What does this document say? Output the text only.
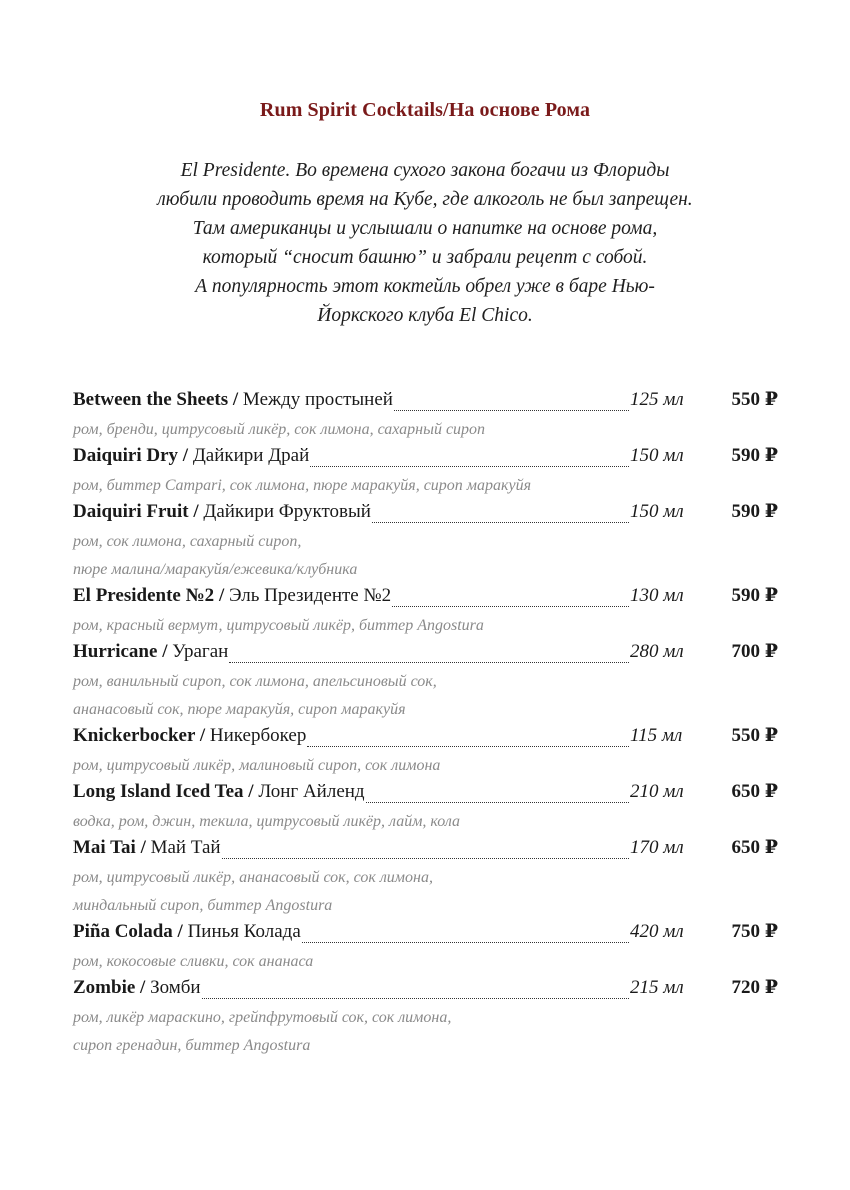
Rum Spirit Cocktails/На основе Рома
El Presidente. Во времена сухого закона богачи из Флориды
любили проводить время на Кубе, где алкоголь не был запрещен.
Там американцы и услышали о напитке на основе рома,
который “сносит башню” и забрали рецепт с собой.
А популярность этот коктейль обрел уже в баре Нью-
Йоркского клуба El Chico.
Between the Sheets / Между простыней	125 мл	550 ₽
ром, бренди, цитрусовый ликёр, сок лимона, сахарный сироп
Daiquiri Dry / Дайкири Драй	150 мл	590 ₽
ром, биттер Campari, сок лимона, пюре маракуйя, сироп маракуйя
Daiquiri Fruit / Дайкири Фруктовый	150 мл	590 ₽
ром, сок лимона, сахарный сироп,
пюре малина/маракуйя/ежевика/клубника
El Presidente №2 / Эль Президенте №2	130 мл	590 ₽
ром, красный вермут, цитрусовый ликёр, биттер Angostura
Hurricane / Ураган	280 мл	700 ₽
ром, ванильный сироп, сок лимона, апельсиновый сок,
ананасовый сок, пюре маракуйя, сироп маракуйя
Knickerbocker / Никербокер	115 мл	550 ₽
ром, цитрусовый ликёр, малиновый сироп, сок лимона
Long Island Iced Tea / Лонг Айленд	210 мл	650 ₽
водка, ром, джин, текила, цитрусовый ликёр, лайм, кола
Mai Tai / Май Тай	170 мл	650 ₽
ром, цитрусовый ликёр, ананасовый сок, сок лимона,
миндальный сироп, биттер Angostura
Piña Colada / Пинья Колада	420 мл	750 ₽
ром, кокосовые сливки, сок ананаса
Zombie / Зомби	215 мл	720 ₽
ром, ликёр мараскино, грейпфрутовый сок, сок лимона,
сироп гренадин, биттер Angostura
